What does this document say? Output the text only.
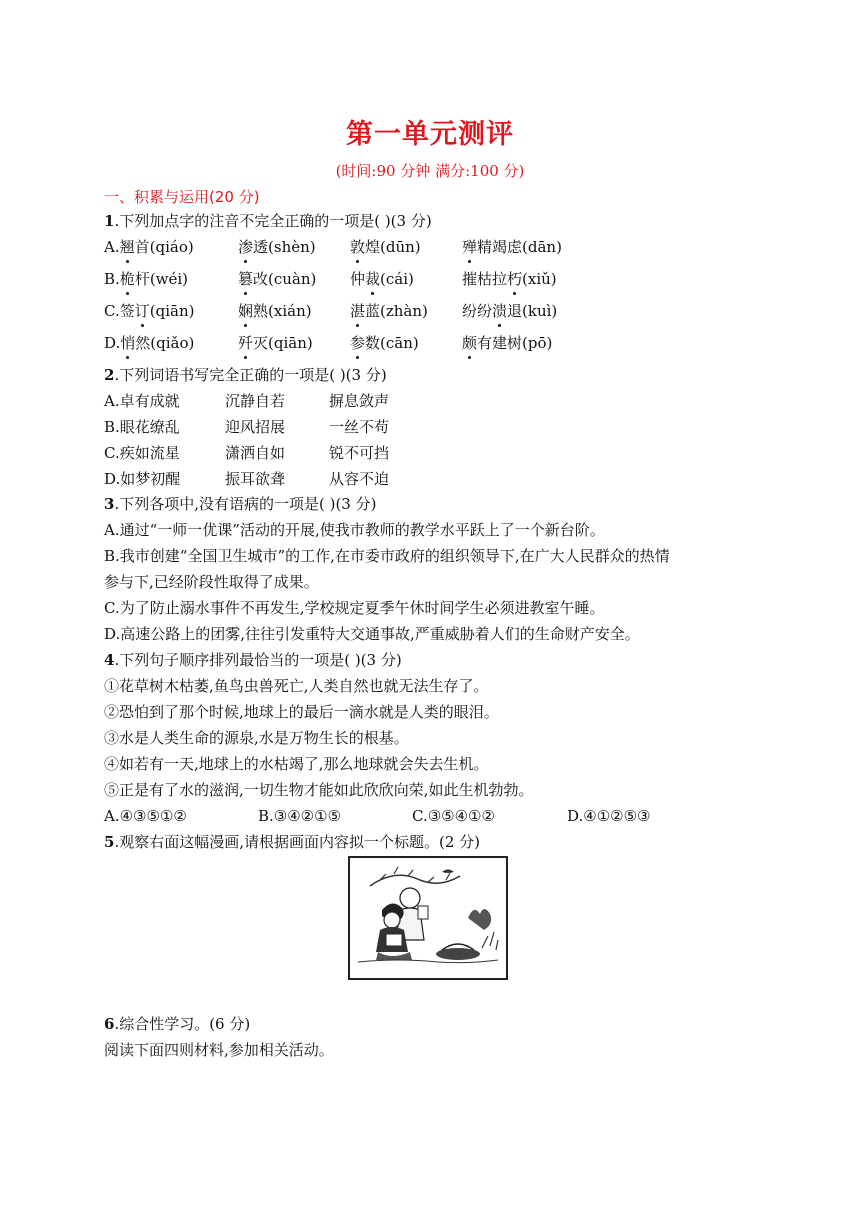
第一单元测评
(时间:90 分钟 满分:100 分)
一、积累与运用(20 分)
1.下列加点字的注音不完全正确的一项是( )(3 分)
A.翘首(qiáo)	渗透(shèn) 敦煌(dūn)	殚精竭虑(dān)
B.桅杆(wéi)	篡改(cuàn) 仲裁(cái)	摧枯拉朽(xiǔ)
C.签订(qiān)	娴熟(xián)	湛蓝(zhàn) 纷纷溃退(kuì)
D.悄然(qiǎo)	歼灭(qiān) 参数(cān)	颇有建树(pō)
2.下列词语书写完全正确的一项是( )(3 分)
A.卓有成就	沉静自若	摒息敛声
B.眼花缭乱	迎风招展	一丝不苟
C.疾如流星	潇洒自如	锐不可挡
D.如梦初醒	振耳欲聋	从容不迫
3.下列各项中,没有语病的一项是( )(3 分)
A.通过“一师一优课”活动的开展,使我市教师的教学水平跃上了一个新台阶。
B.我市创建“全国卫生城市”的工作,在市委市政府的组织领导下,在广大人民群众的热情
参与下,已经阶段性取得了成果。
C.为了防止溺水事件不再发生,学校规定夏季午休时间学生必须进教室午睡。
D.高速公路上的团雾,往往引发重特大交通事故,严重威胁着人们的生命财产安全。
4.下列句子顺序排列最恰当的一项是( )(3 分)
①花草树木枯萎,鱼鸟虫兽死亡,人类自然也就无法生存了。
②恐怕到了那个时候,地球上的最后一滴水就是人类的眼泪。
③水是人类生命的源泉,水是万物生长的根基。
④如若有一天,地球上的水枯竭了,那么地球就会失去生机。
⑤正是有了水的滋润,一切生物才能如此欣欣向荣,如此生机勃勃。
A.④③⑤①②	B.③④②①⑤	C.③⑤④①②	D.④①②⑤③
5.观察右面这幅漫画,请根据画面内容拟一个标题。(2 分)
6.综合性学习。(6 分)
阅读下面四则材料,参加相关活动。
